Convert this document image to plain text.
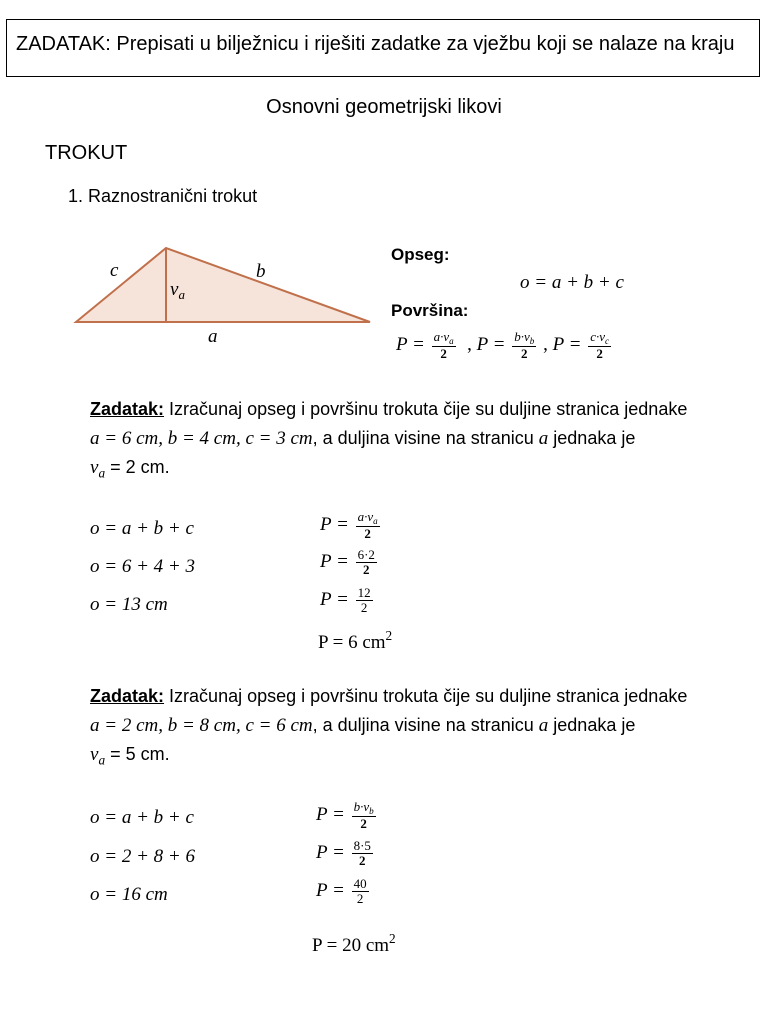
ZADATAK: Prepisati u bilježnicu i riješiti zadatke za vježbu koji se nalaze na kraju
Osnovni geometrijski likovi
TROKUT
1. Raznostranični trokut
c	b
$v_a$
a
Opseg:
o = a + b + c
Površina:
$P = \frac{a\cdot v_a}{2}$ , $P = \frac{b\cdot v_b}{2}$ , $P = \frac{c\cdot v_c}{2}$
Zadatak: Izračunaj opseg i površinu trokuta čije su duljine stranica jednake
a = 6 cm, b = 4 cm, c = 3 cm, a duljina visine na stranicu a jednaka je
$v_a = 2$ cm.
o = a + b + c
o = 6 + 4 + 3
o = 13 cm
$P = \frac{a\cdot v_a}{2}$
$P = \frac{6\cdot 2}{2}$
$P = \frac{12}{2}$
P = 6 $cm^2$
Zadatak: Izračunaj opseg i površinu trokuta čije su duljine stranica jednake
a = 2 cm, b = 8 cm, c = 6 cm, a duljina visine na stranicu a jednaka je
$v_a = 5$ cm.
o = a + b + c
o = 2 + 8 + 6
o = 16 cm
$P = \frac{b\cdot v_b}{2}$
$P = \frac{8\cdot 5}{2}$
$P = \frac{40}{2}$
P = 20 $cm^2$
